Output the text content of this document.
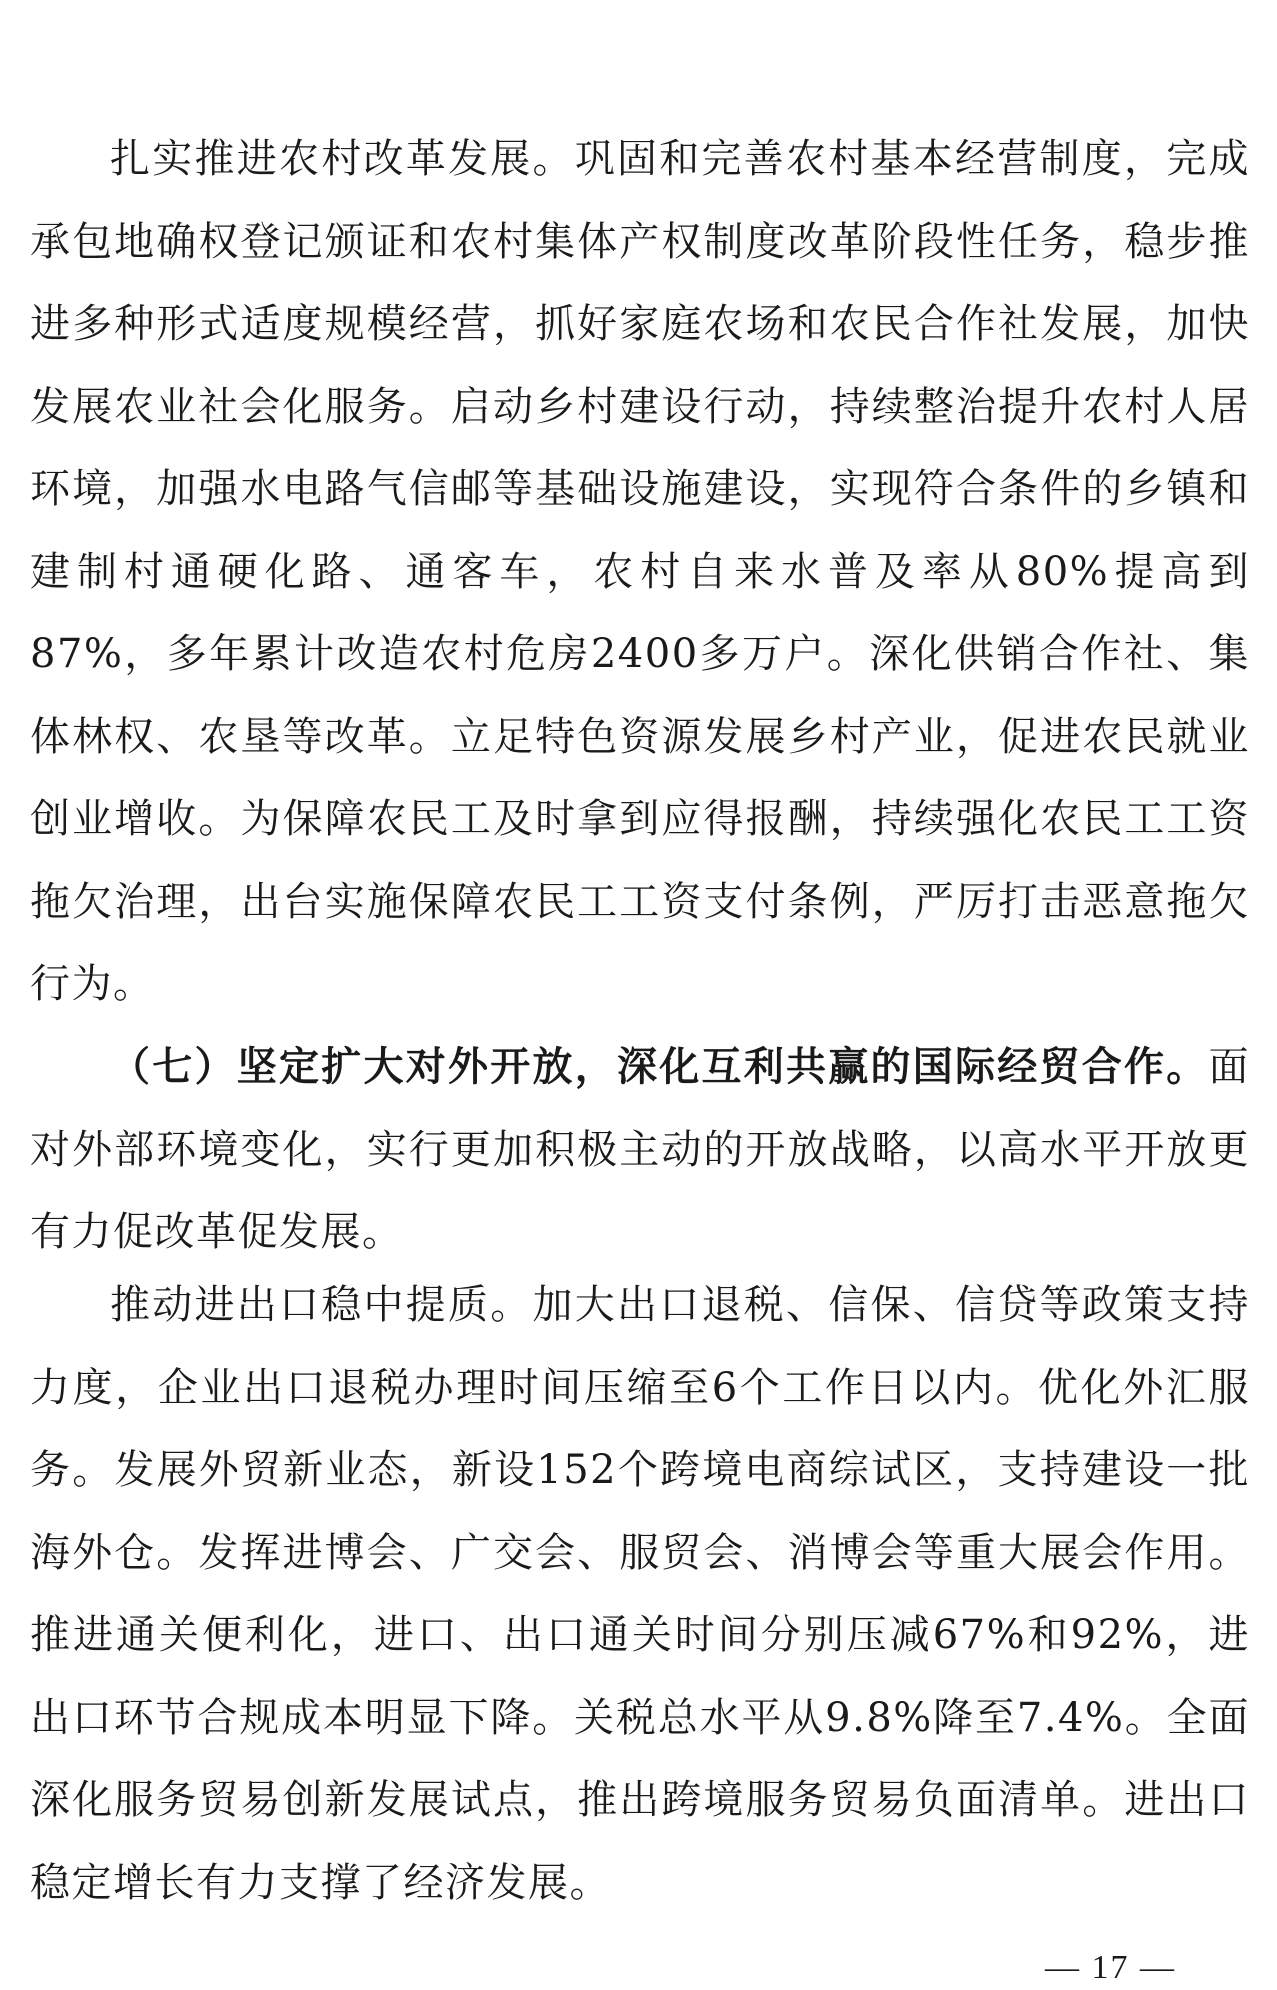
扎实推进农村改革发展。巩固和完善农村基本经营制度，完成承包地确权登记颁证和农村集体产权制度改革阶段性任务，稳步推进多种形式适度规模经营，抓好家庭农场和农民合作社发展，加快发展农业社会化服务。启动乡村建设行动，持续整治提升农村人居环境，加强水电路气信邮等基础设施建设，实现符合条件的乡镇和建制村通硬化路、通客车，农村自来水普及率从80%提高到87%，多年累计改造农村危房2400多万户。深化供销合作社、集体林权、农垦等改革。立足特色资源发展乡村产业，促进农民就业创业增收。为保障农民工及时拿到应得报酬，持续强化农民工工资拖欠治理，出台实施保障农民工工资支付条例，严厉打击恶意拖欠行为。

（七）坚定扩大对外开放，深化互利共赢的国际经贸合作。面对外部环境变化，实行更加积极主动的开放战略，以高水平开放更有力促改革促发展。

推动进出口稳中提质。加大出口退税、信保、信贷等政策支持力度，企业出口退税办理时间压缩至6个工作日以内。优化外汇服务。发展外贸新业态，新设152个跨境电商综试区，支持建设一批海外仓。发挥进博会、广交会、服贸会、消博会等重大展会作用。推进通关便利化，进口、出口通关时间分别压减67%和92%，进出口环节合规成本明显下降。关税总水平从9.8%降至7.4%。全面深化服务贸易创新发展试点，推出跨境服务贸易负面清单。进出口稳定增长有力支撑了经济发展。

— 17 —
